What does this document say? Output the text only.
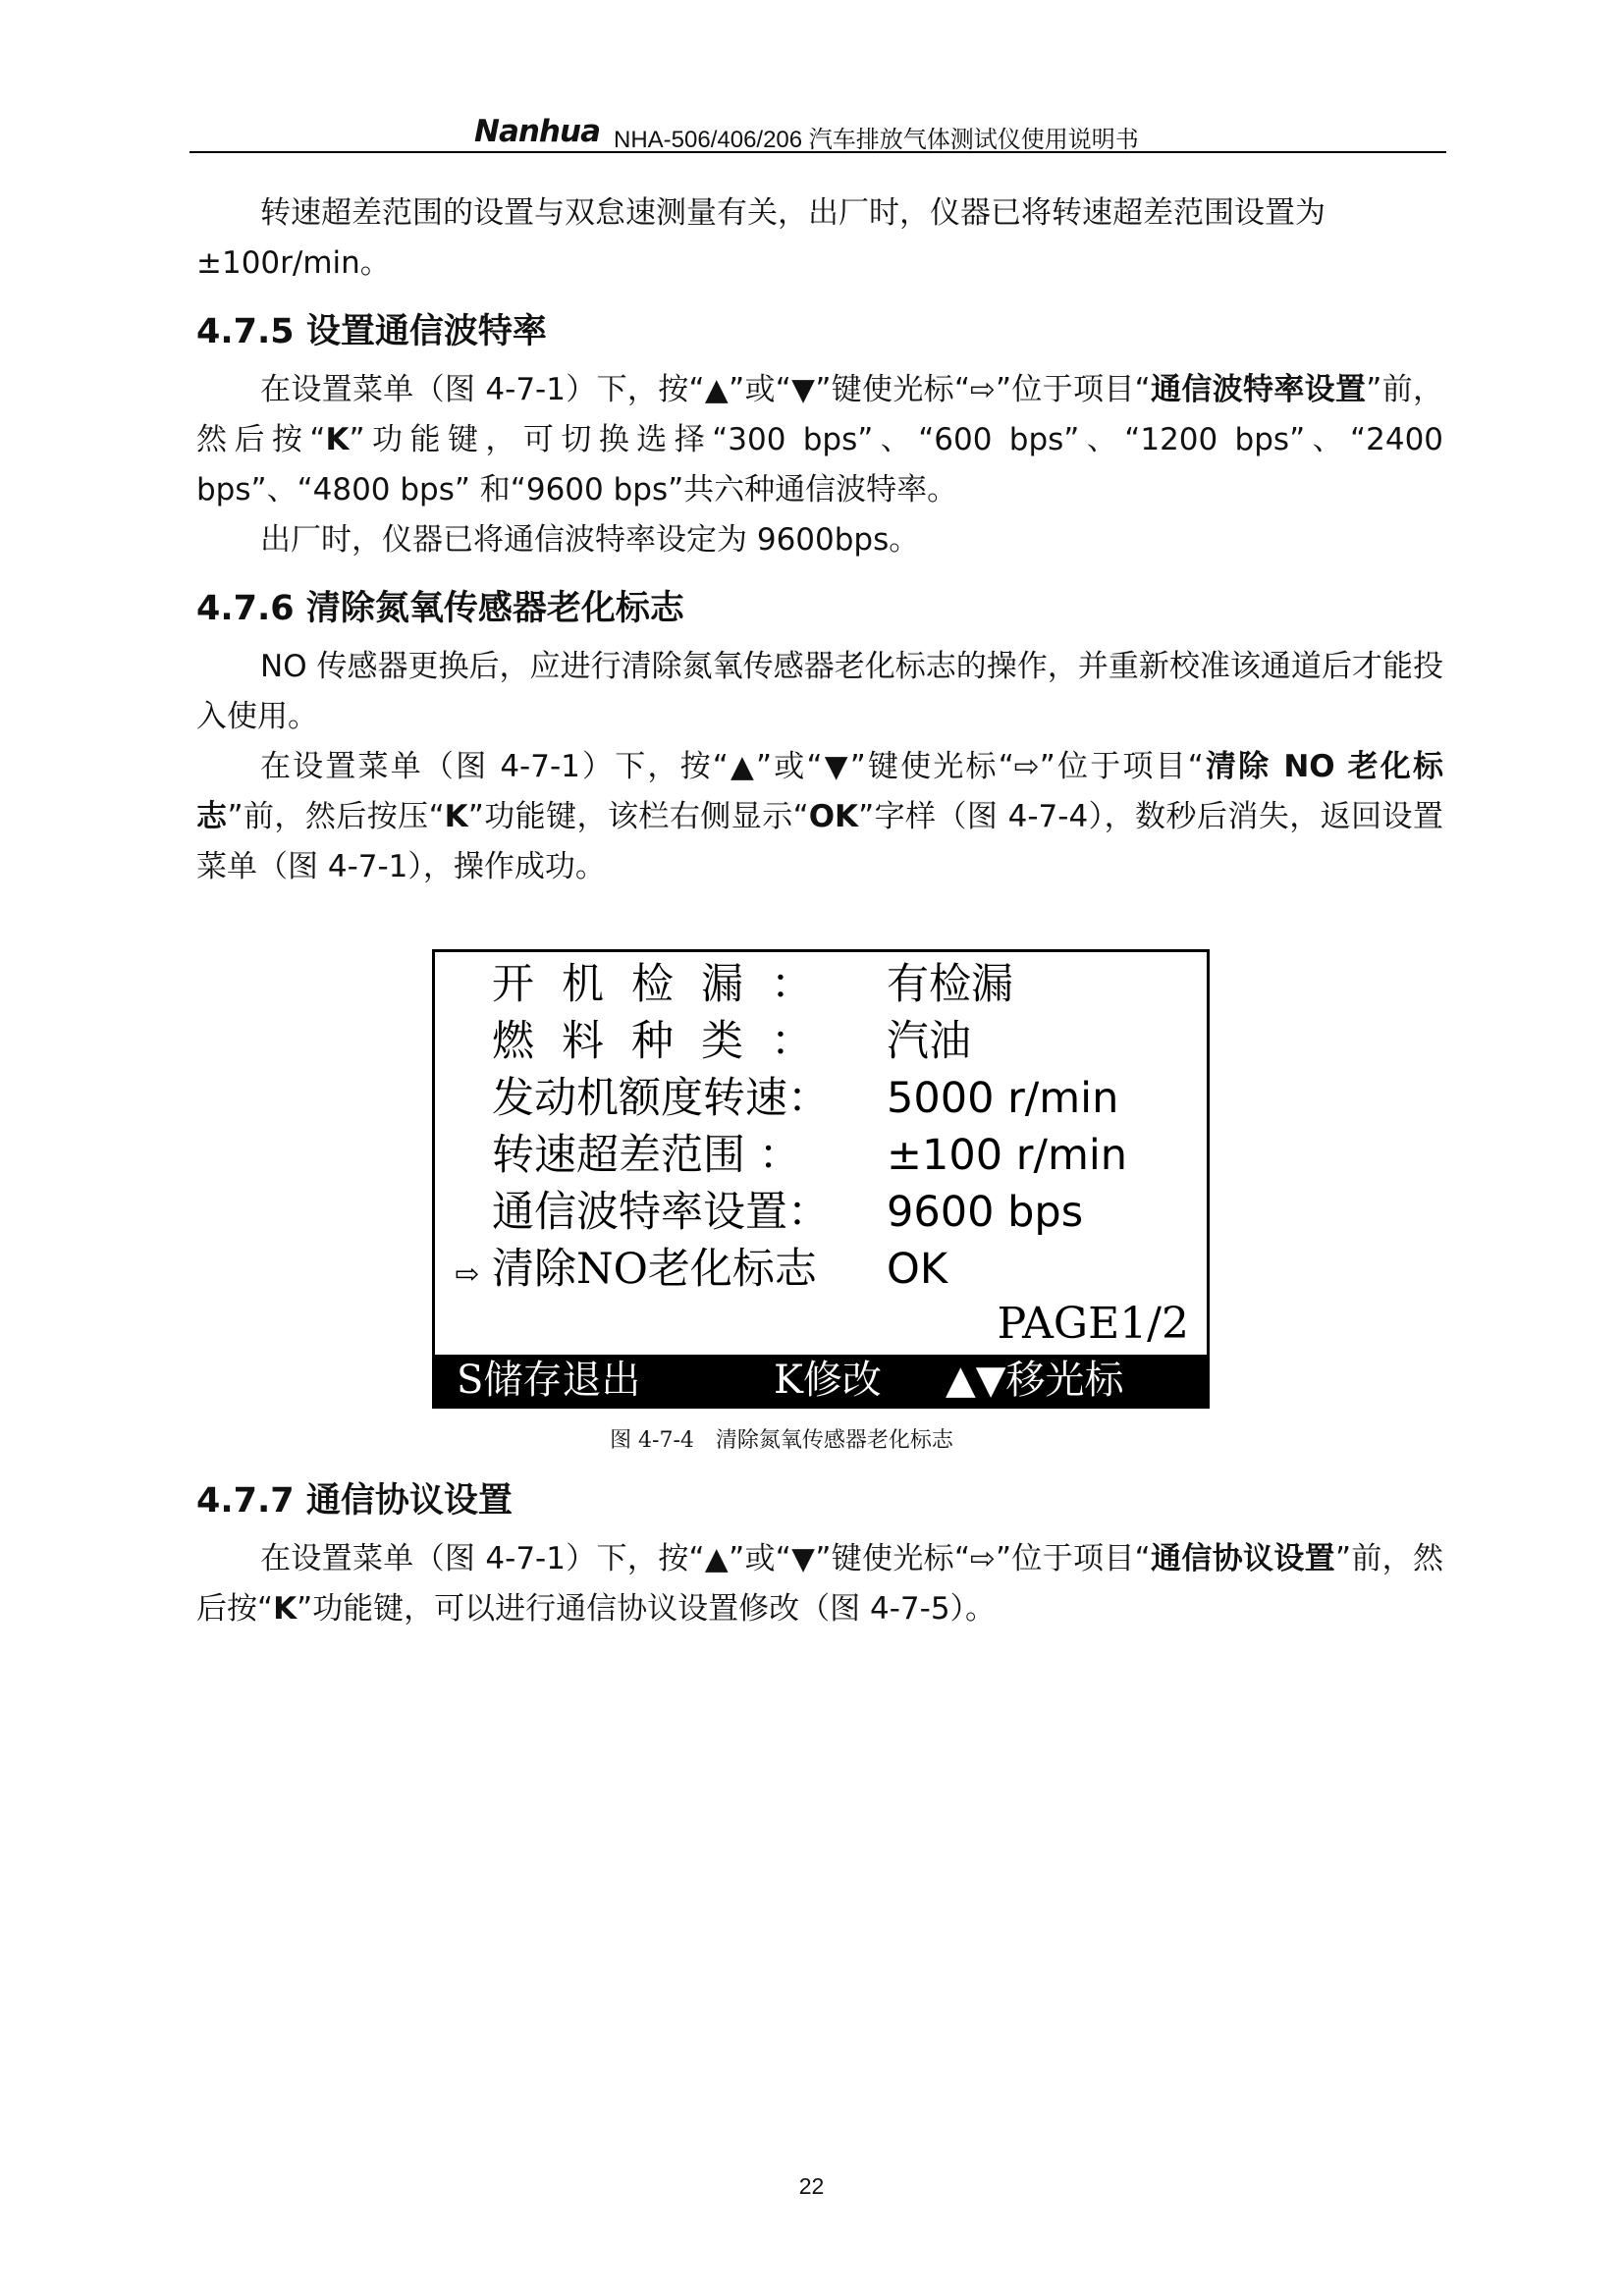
Nanhua NHA-506/406/206 汽车排放气体测试仪使用说明书

转速超差范围的设置与双怠速测量有关，出厂时，仪器已将转速超差范围设置为
±100r/min。

4.7.5 设置通信波特率

在设置菜单（图 4-7-1）下，按“▲”或“▼”键使光标“⇨”位于项目“通信波特率设置”前，然后按“K”功能键，可切换选择“300 bps”、“600 bps”、“1200 bps”、“2400 bps”、“4800 bps” 和“9600 bps”共六种通信波特率。

出厂时，仪器已将通信波特率设定为 9600bps。

4.7.6 清除氮氧传感器老化标志

NO 传感器更换后，应进行清除氮氧传感器老化标志的操作，并重新校准该通道后才能投入使用。

在设置菜单（图 4-7-1）下，按“▲”或“▼”键使光标“⇨”位于项目“清除 NO 老化标志”前，然后按压“K”功能键，该栏右侧显示“OK”字样（图 4-7-4），数秒后消失，返回设置菜单（图 4-7-1），操作成功。

开机检漏： 有检漏
燃料种类： 汽油
发动机额度转速： 5000 r/min
转速超差范围 ： ±100 r/min
通信波特率设置： 9600 bps
⇨ 清除NO老化标志 OK
PAGE1/2
S储存退出	K修改 ▲▼移光标
图 4-7-4　清除氮氧传感器老化标志
4.7.7 通信协议设置

在设置菜单（图 4-7-1）下，按“▲”或“▼”键使光标“⇨”位于项目“通信协议设置”前，然后按“K”功能键，可以进行通信协议设置修改（图 4-7-5）。

22
